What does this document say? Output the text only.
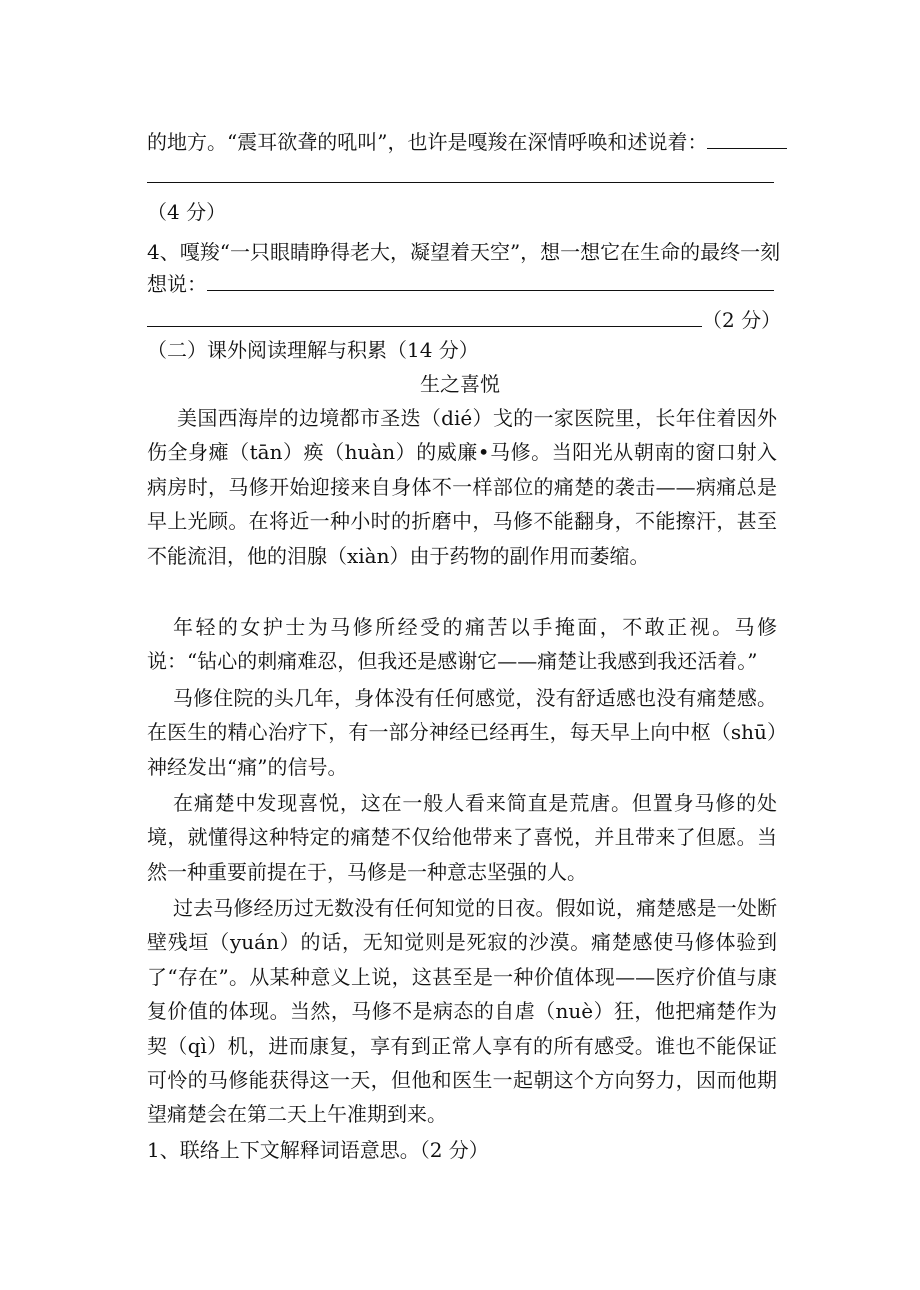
的地方。“震耳欲聋的吼叫”，也许是嘎羧在深情呼唤和述说着：
（4 分）
4、嘎羧“一只眼睛睁得老大，凝望着天空”，想一想它在生命的最终一刻
想说：
（2 分）
（二）课外阅读理解与积累（14 分）
生之喜悦
美国西海岸的边境都市圣迭（dié）戈的一家医院里，长年住着因外伤全身瘫（tān）痪（huàn）的威廉•马修。当阳光从朝南的窗口射入病房时，马修开始迎接来自身体不一样部位的痛楚的袭击——病痛总是早上光顾。在将近一种小时的折磨中，马修不能翻身，不能擦汗，甚至不能流泪，他的泪腺（xiàn）由于药物的副作用而萎缩。
年轻的女护士为马修所经受的痛苦以手掩面，不敢正视。马修说：“钻心的刺痛难忍，但我还是感谢它——痛楚让我感到我还活着。”
马修住院的头几年，身体没有任何感觉，没有舒适感也没有痛楚感。在医生的精心治疗下，有一部分神经已经再生，每天早上向中枢（shū）神经发出“痛”的信号。
在痛楚中发现喜悦，这在一般人看来简直是荒唐。但置身马修的处境，就懂得这种特定的痛楚不仅给他带来了喜悦，并且带来了但愿。当然一种重要前提在于，马修是一种意志坚强的人。
过去马修经历过无数没有任何知觉的日夜。假如说，痛楚感是一处断壁残垣（yuán）的话，无知觉则是死寂的沙漠。痛楚感使马修体验到了“存在”。从某种意义上说，这甚至是一种价值体现——医疗价值与康复价值的体现。当然，马修不是病态的自虐（nuè）狂，他把痛楚作为契（qì）机，进而康复，享有到正常人享有的所有感受。谁也不能保证可怜的马修能获得这一天，但他和医生一起朝这个方向努力，因而他期望痛楚会在第二天上午准期到来。
1、联络上下文解释词语意思。（2 分）
